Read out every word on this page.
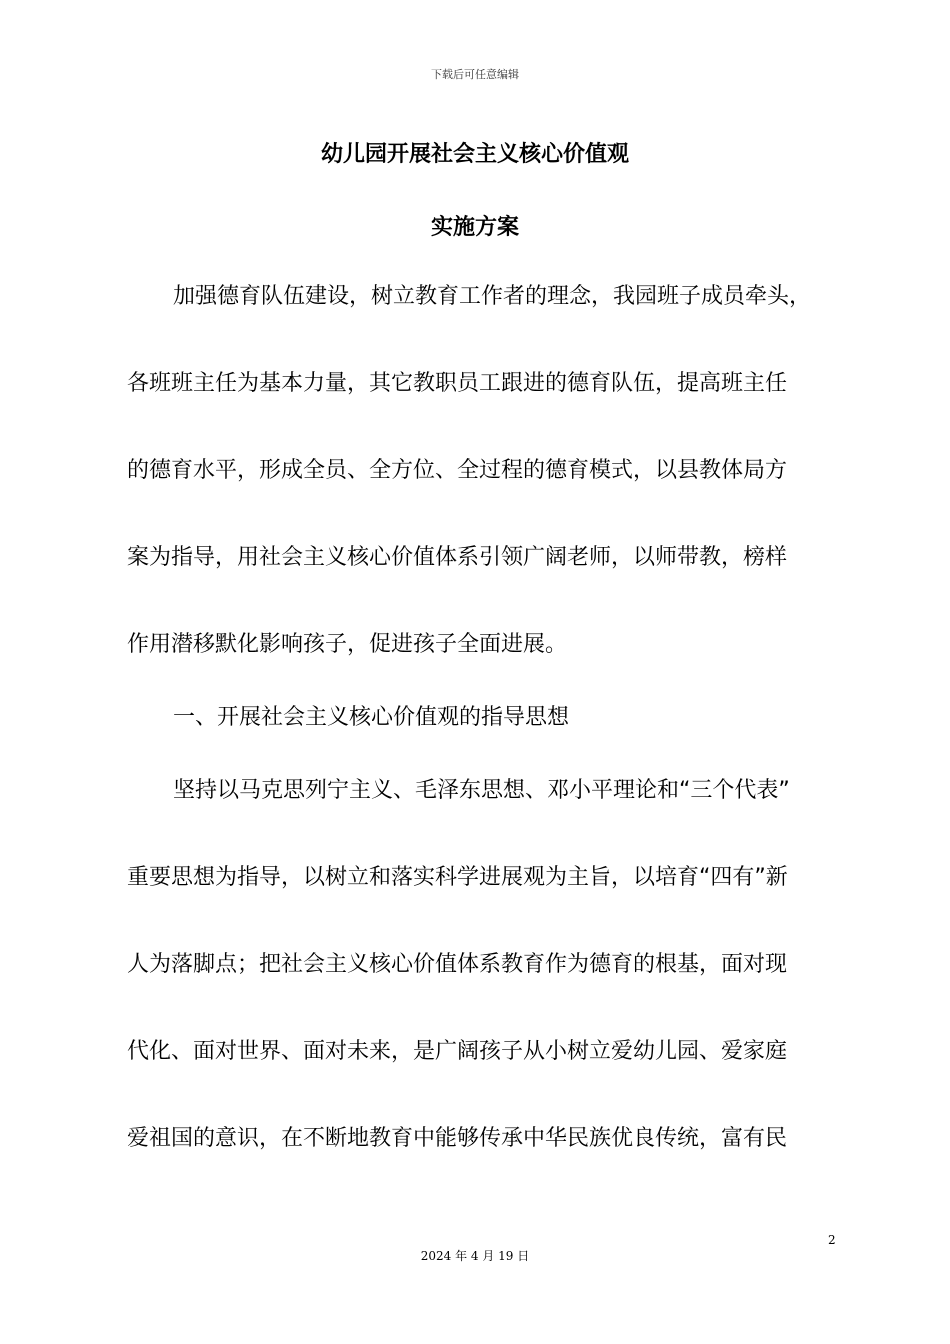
下载后可任意编辑
幼儿园开展社会主义核心价值观
实施方案
加强德育队伍建设，树立教育工作者的理念，我园班子成员牵头，
各班班主任为基本力量，其它教职员工跟进的德育队伍，提高班主任
的德育水平，形成全员、全方位、全过程的德育模式，以县教体局方
案为指导，用社会主义核心价值体系引领广阔老师，以师带教，榜样
作用潜移默化影响孩子，促进孩子全面进展。
一、开展社会主义核心价值观的指导思想
坚持以马克思列宁主义、毛泽东思想、邓小平理论和“三个代表”
重要思想为指导，以树立和落实科学进展观为主旨，以培育“四有”新
人为落脚点；把社会主义核心价值体系教育作为德育的根基，面对现
代化、面对世界、面对未来，是广阔孩子从小树立爱幼儿园、爱家庭
爱祖国的意识，在不断地教育中能够传承中华民族优良传统，富有民
2
2024 年 4 月 19 日
